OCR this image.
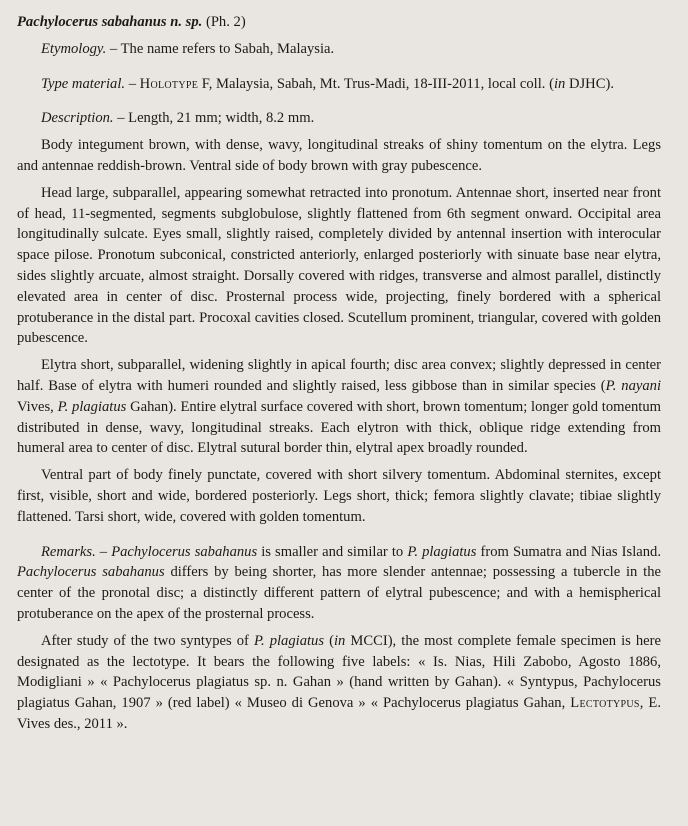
Pachylocerus sabahanus n. sp. (Ph. 2)

Etymology. – The name refers to Sabah, Malaysia.

Type material. – Holotype F, Malaysia, Sabah, Mt. Trus-Madi, 18-III-2011, local coll. (in DJHC).

Description. – Length, 21 mm; width, 8.2 mm.

Body integument brown, with dense, wavy, longitudinal streaks of shiny tomentum on the elytra. Legs and antennae reddish-brown. Ventral side of body brown with gray pubescence.

Head large, subparallel, appearing somewhat retracted into pronotum. Antennae short, inserted near front of head, 11-segmented, segments subglobulose, slightly flattened from 6th segment onward. Occipital area longitudinally sulcate. Eyes small, slightly raised, completely divided by antennal insertion with interocular space pilose. Pronotum subconical, constricted anteriorly, enlarged posteriorly with sinuate base near elytra, sides slightly arcuate, almost straight. Dorsally covered with ridges, transverse and almost parallel, distinctly elevated area in center of disc. Prosternal process wide, projecting, finely bordered with a spherical protuberance in the distal part. Procoxal cavities closed. Scutellum prominent, triangular, covered with golden pubescence.

Elytra short, subparallel, widening slightly in apical fourth; disc area convex; slightly depressed in center half. Base of elytra with humeri rounded and slightly raised, less gibbose than in similar species (P. nayani Vives, P. plagiatus Gahan). Entire elytral surface covered with short, brown tomentum; longer gold tomentum distributed in dense, wavy, longitudinal streaks. Each elytron with thick, oblique ridge extending from humeral area to center of disc. Elytral sutural border thin, elytral apex broadly rounded.

Ventral part of body finely punctate, covered with short silvery tomentum. Abdominal sternites, except first, visible, short and wide, bordered posteriorly. Legs short, thick; femora slightly clavate; tibiae slightly flattened. Tarsi short, wide, covered with golden tomentum.

Remarks. – Pachylocerus sabahanus is smaller and similar to P. plagiatus from Sumatra and Nias Island. Pachylocerus sabahanus differs by being shorter, has more slender antennae; possessing a tubercle in the center of the pronotal disc; a distinctly different pattern of elytral pubescence; and with a hemispherical protuberance on the apex of the prosternal process.

After study of the two syntypes of P. plagiatus (in MCCI), the most complete female specimen is here designated as the lectotype. It bears the following five labels: « Is. Nias, Hili Zabobo, Agosto 1886, Modigliani » « Pachylocerus plagiatus sp. n. Gahan » (hand written by Gahan). « Syntypus, Pachylocerus plagiatus Gahan, 1907 » (red label) « Museo di Genova » « Pachylocerus plagiatus Gahan, Lectotypus, E. Vives des., 2011 ».
